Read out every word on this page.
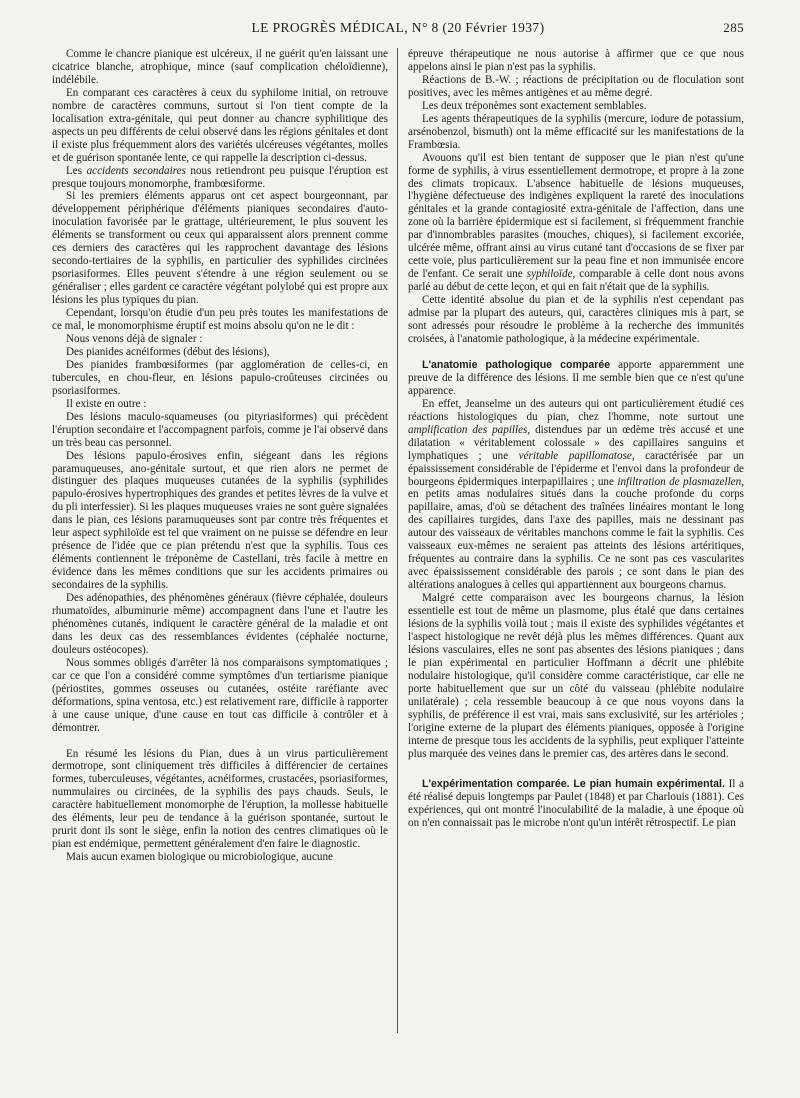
LE PROGRÈS MÉDICAL, N° 8 (20 Février 1937)	285

Comme le chancre pianique est ulcéreux, il ne guérit qu'en laissant une cicatrice blanche, atrophique, mince (sauf complication chéloïdienne), indélébile.

En comparant ces caractères à ceux du syphilome initial, on retrouve nombre de caractères communs, surtout si l'on tient compte de la localisation extra-génitale, qui peut donner au chancre syphilitique des aspects un peu différents de celui observé dans les régions génitales et dont il existe plus fréquemment alors des variétés ulcéreuses végétantes, molles et de guérison spontanée lente, ce qui rappelle la description ci-dessus.

Les accidents secondaires nous retiendront peu puisque l'éruption est presque toujours monomorphe, frambœsiforme.

Si les premiers éléments apparus ont cet aspect bourgeonnant, par développement périphérique d'éléments pianiques secondaires d'auto-inoculation favorisée par le grattage, ultérieurement, le plus souvent les éléments se transforment ou ceux qui apparaissent alors prennent comme ces derniers des caractères qui les rapprochent davantage des lésions secondo-tertiaires de la syphilis, en particulier des syphilides circinées psoriasiformes. Elles peuvent s'étendre à une région seulement ou se généraliser ; elles gardent ce caractère végétant polylobé qui est propre aux lésions les plus typiques du pian.

Cependant, lorsqu'on étudie d'un peu près toutes les manifestations de ce mal, le monomorphisme éruptif est moins absolu qu'on ne le dit :

Nous venons déjà de signaler :

Des pianides acnéiformes (début des lésions),

Des pianides frambœsiformes (par agglomération de celles-ci, en tubercules, en chou-fleur, en lésions papulo-croûteuses circinées ou psoriasiformes.

Il existe en outre :

Des lésions maculo-squameuses (ou pityriasiformes) qui précèdent l'éruption secondaire et l'accompagnent parfois, comme je l'ai observé dans un très beau cas personnel.

Des lésions papulo-érosives enfin, siégeant dans les régions paramuqueuses, ano-génitale surtout, et que rien alors ne permet de distinguer des plaques muqueuses cutanées de la syphilis (syphilides papulo-érosives hypertrophiques des grandes et petites lèvres de la vulve et du pli interfessier). Si les plaques muqueuses vraies ne sont guère signalées dans le pian, ces lésions paramuqueuses sont par contre très fréquentes et leur aspect syphiloïde est tel que vraiment on ne puisse se défendre en leur présence de l'idée que ce pian prétendu n'est que la syphilis. Tous ces éléments contiennent le tréponème de Castellani, très facile à mettre en évidence dans les mêmes conditions que sur les accidents primaires ou secondaires de la syphilis.

Des adénopathies, des phénomènes généraux (fièvre céphalée, douleurs rhumatoïdes, albuminurie même) accompagnent dans l'une et l'autre les phénomènes cutanés, indiquent le caractère général de la maladie et ont dans les deux cas des ressemblances évidentes (céphalée nocturne, douleurs ostéocopes).

Nous sommes obligés d'arrêter là nos comparaisons symptomatiques ; car ce que l'on a considéré comme symptômes d'un tertiarisme pianique (périostites, gommes osseuses ou cutanées, ostéite raréfiante avec déformations, spina ventosa, etc.) est relativement rare, difficile à rapporter à une cause unique, d'une cause en tout cas difficile à contrôler et à démontrer.

En résumé les lésions du Pian, dues à un virus particulièrement dermotrope, sont cliniquement très difficiles à différencier de certaines formes, tuberculeuses, végétantes, acnéiformes, crustacées, psoriasiformes, nummulaires ou circinées, de la syphilis des pays chauds. Seuls, le caractère habituellement monomorphe de l'éruption, la mollesse habituelle des éléments, leur peu de tendance à la guérison spontanée, surtout le prurit dont ils sont le siège, enfin la notion des centres climatiques où le pian est endémique, permettent généralement d'en faire le diagnostic.

Mais aucun examen biologique ou microbiologique, aucune

épreuve thérapeutique ne nous autorise à affirmer que ce que nous appelons ainsi le pian n'est pas la syphilis.

Réactions de B.-W. ; réactions de précipitation ou de floculation sont positives, avec les mêmes antigènes et au même degré.

Les deux tréponèmes sont exactement semblables.

Les agents thérapeutiques de la syphilis (mercure, iodure de potassium, arsénobenzol, bismuth) ont la même efficacité sur les manifestations de la Frambœsia.

Avouons qu'il est bien tentant de supposer que le pian n'est qu'une forme de syphilis, à virus essentiellement dermotrope, et propre à la zone des climats tropicaux. L'absence habituelle de lésions muqueuses, l'hygiène défectueuse des indigènes expliquent la rareté des inoculations génitales et la grande contagiosité extra-génitale de l'affection, dans une zone où la barrière épidermique est si facilement, si fréquemment franchie par d'innombrables parasites (mouches, chiques), si facilement excoriée, ulcérée même, offrant ainsi au virus cutané tant d'occasions de se fixer par cette voie, plus particulièrement sur la peau fine et non immunisée encore de l'enfant. Ce serait une syphiloïde, comparable à celle dont nous avons parlé au début de cette leçon, et qui en fait n'était que de la syphilis.

Cette identité absolue du pian et de la syphilis n'est cependant pas admise par la plupart des auteurs, qui, caractères cliniques mis à part, se sont adressés pour résoudre le problème à la recherche des immunités croisées, à l'anatomie pathologique, à la médecine expérimentale.

L'anatomie pathologique comparée apporte apparemment une preuve de la différence des lésions. Il me semble bien que ce n'est qu'une apparence.

En effet, Jeanselme un des auteurs qui ont particulièrement étudié ces réactions histologiques du pian, chez l'homme, note surtout une amplification des papilles, distendues par un œdème très accusé et une dilatation « véritablement colossale » des capillaires sanguins et lymphatiques ; une véritable papillomatose, caractérisée par un épaississement considérable de l'épiderme et l'envoi dans la profondeur de bourgeons épidermiques interpapillaires ; une infiltration de plasmazellen, en petits amas nodulaires situés dans la couche profonde du corps papillaire, amas, d'où se détachent des traînées linéaires montant le long des capillaires turgides, dans l'axe des papilles, mais ne dessinant pas autour des vaisseaux de véritables manchons comme le fait la syphilis. Ces vaisseaux eux-mêmes ne seraient pas atteints des lésions artéritiques, fréquentes au contraire dans la syphilis. Ce ne sont pas ces vascularites avec épaississement considérable des parois ; ce sont dans le pian des altérations analogues à celles qui appartiennent aux bourgeons charnus.

Malgré cette comparaison avec les bourgeons charnus, la lésion essentielle est tout de même un plasmome, plus étalé que dans certaines lésions de la syphilis voilà tout ; mais il existe des syphilides végétantes et l'aspect histologique ne revêt déjà plus les mêmes différences. Quant aux lésions vasculaires, elles ne sont pas absentes des lésions pianiques ; dans le pian expérimental en particulier Hoffmann a décrit une phlébite nodulaire histologique, qu'il considère comme caractéristique, car elle ne porte habituellement que sur un côté du vaisseau (phlébite nodulaire unilatérale) ; cela ressemble beaucoup à ce que nous voyons dans la syphilis, de préférence il est vrai, mais sans exclusivité, sur les artérioles ; l'origine externe de la plupart des éléments pianiques, opposée à l'origine interne de presque tous les accidents de la syphilis, peut expliquer l'atteinte plus marquée des veines dans le premier cas, des artères dans le second.

L'expérimentation comparée. Le pian humain expérimental. Il a été réalisé depuis longtemps par Paulet (1848) et par Charlouis (1881). Ces expériences, qui ont montré l'inoculabilité de la maladie, à une époque où on n'en connaissait pas le microbe n'ont qu'un intérêt rétrospectif. Le pian
